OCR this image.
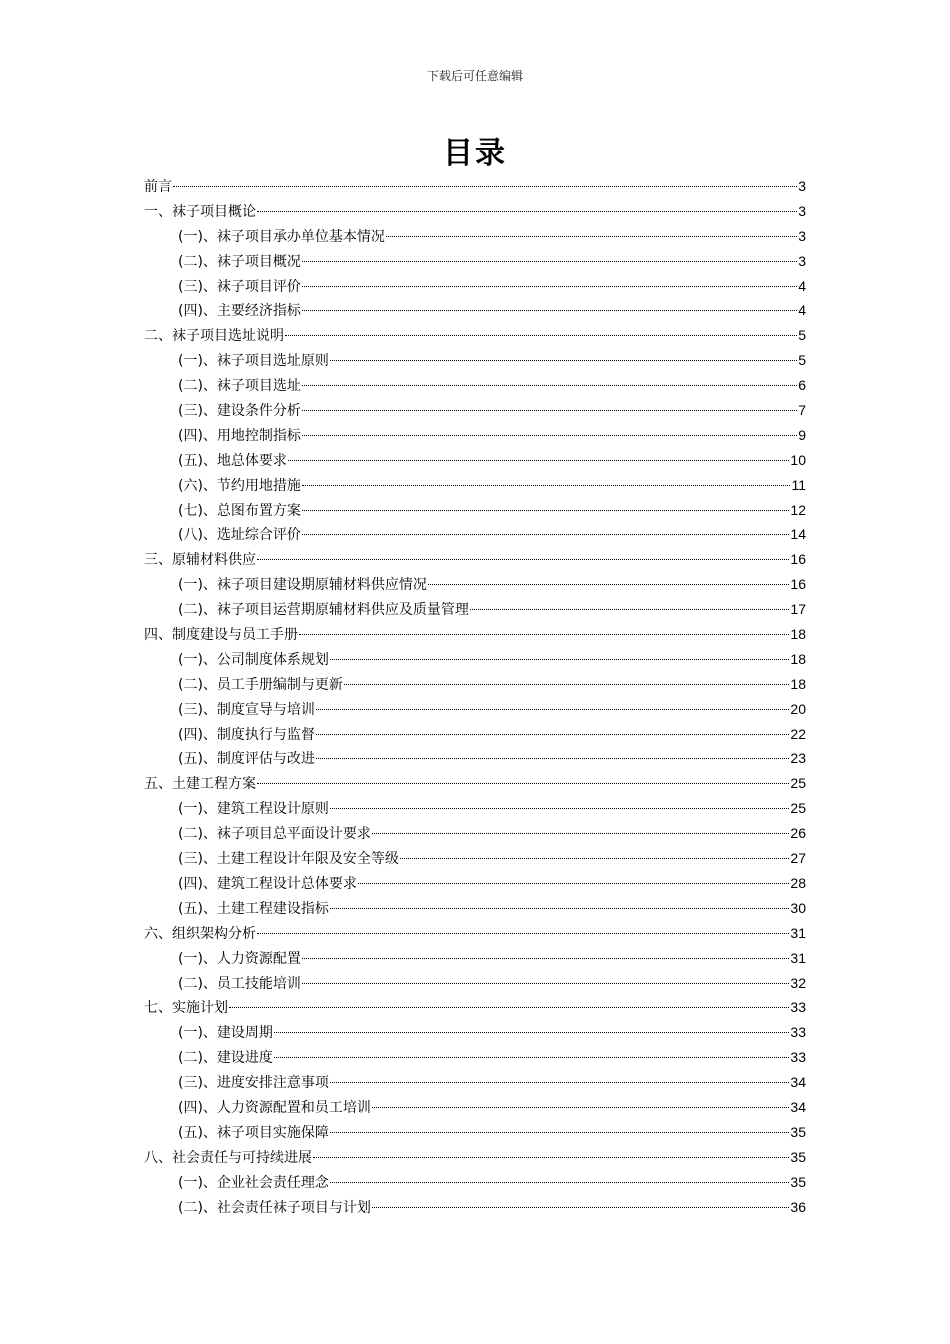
下载后可任意编辑
目录
前言	3
一、袜子项目概论	3
(一)、袜子项目承办单位基本情况	3
(二)、袜子项目概况	3
(三)、袜子项目评价	4
(四)、主要经济指标	4
二、袜子项目选址说明	5
(一)、袜子项目选址原则	5
(二)、袜子项目选址	6
(三)、建设条件分析	7
(四)、用地控制指标	9
(五)、地总体要求	10
(六)、节约用地措施	11
(七)、总图布置方案	12
(八)、选址综合评价	14
三、原辅材料供应	16
(一)、袜子项目建设期原辅材料供应情况	16
(二)、袜子项目运营期原辅材料供应及质量管理	17
四、制度建设与员工手册	18
(一)、公司制度体系规划	18
(二)、员工手册编制与更新	18
(三)、制度宣导与培训	20
(四)、制度执行与监督	22
(五)、制度评估与改进	23
五、土建工程方案	25
(一)、建筑工程设计原则	25
(二)、袜子项目总平面设计要求	26
(三)、土建工程设计年限及安全等级	27
(四)、建筑工程设计总体要求	28
(五)、土建工程建设指标	30
六、组织架构分析	31
(一)、人力资源配置	31
(二)、员工技能培训	32
七、实施计划	33
(一)、建设周期	33
(二)、建设进度	33
(三)、进度安排注意事项	34
(四)、人力资源配置和员工培训	34
(五)、袜子项目实施保障	35
八、社会责任与可持续进展	35
(一)、企业社会责任理念	35
(二)、社会责任袜子项目与计划	36
